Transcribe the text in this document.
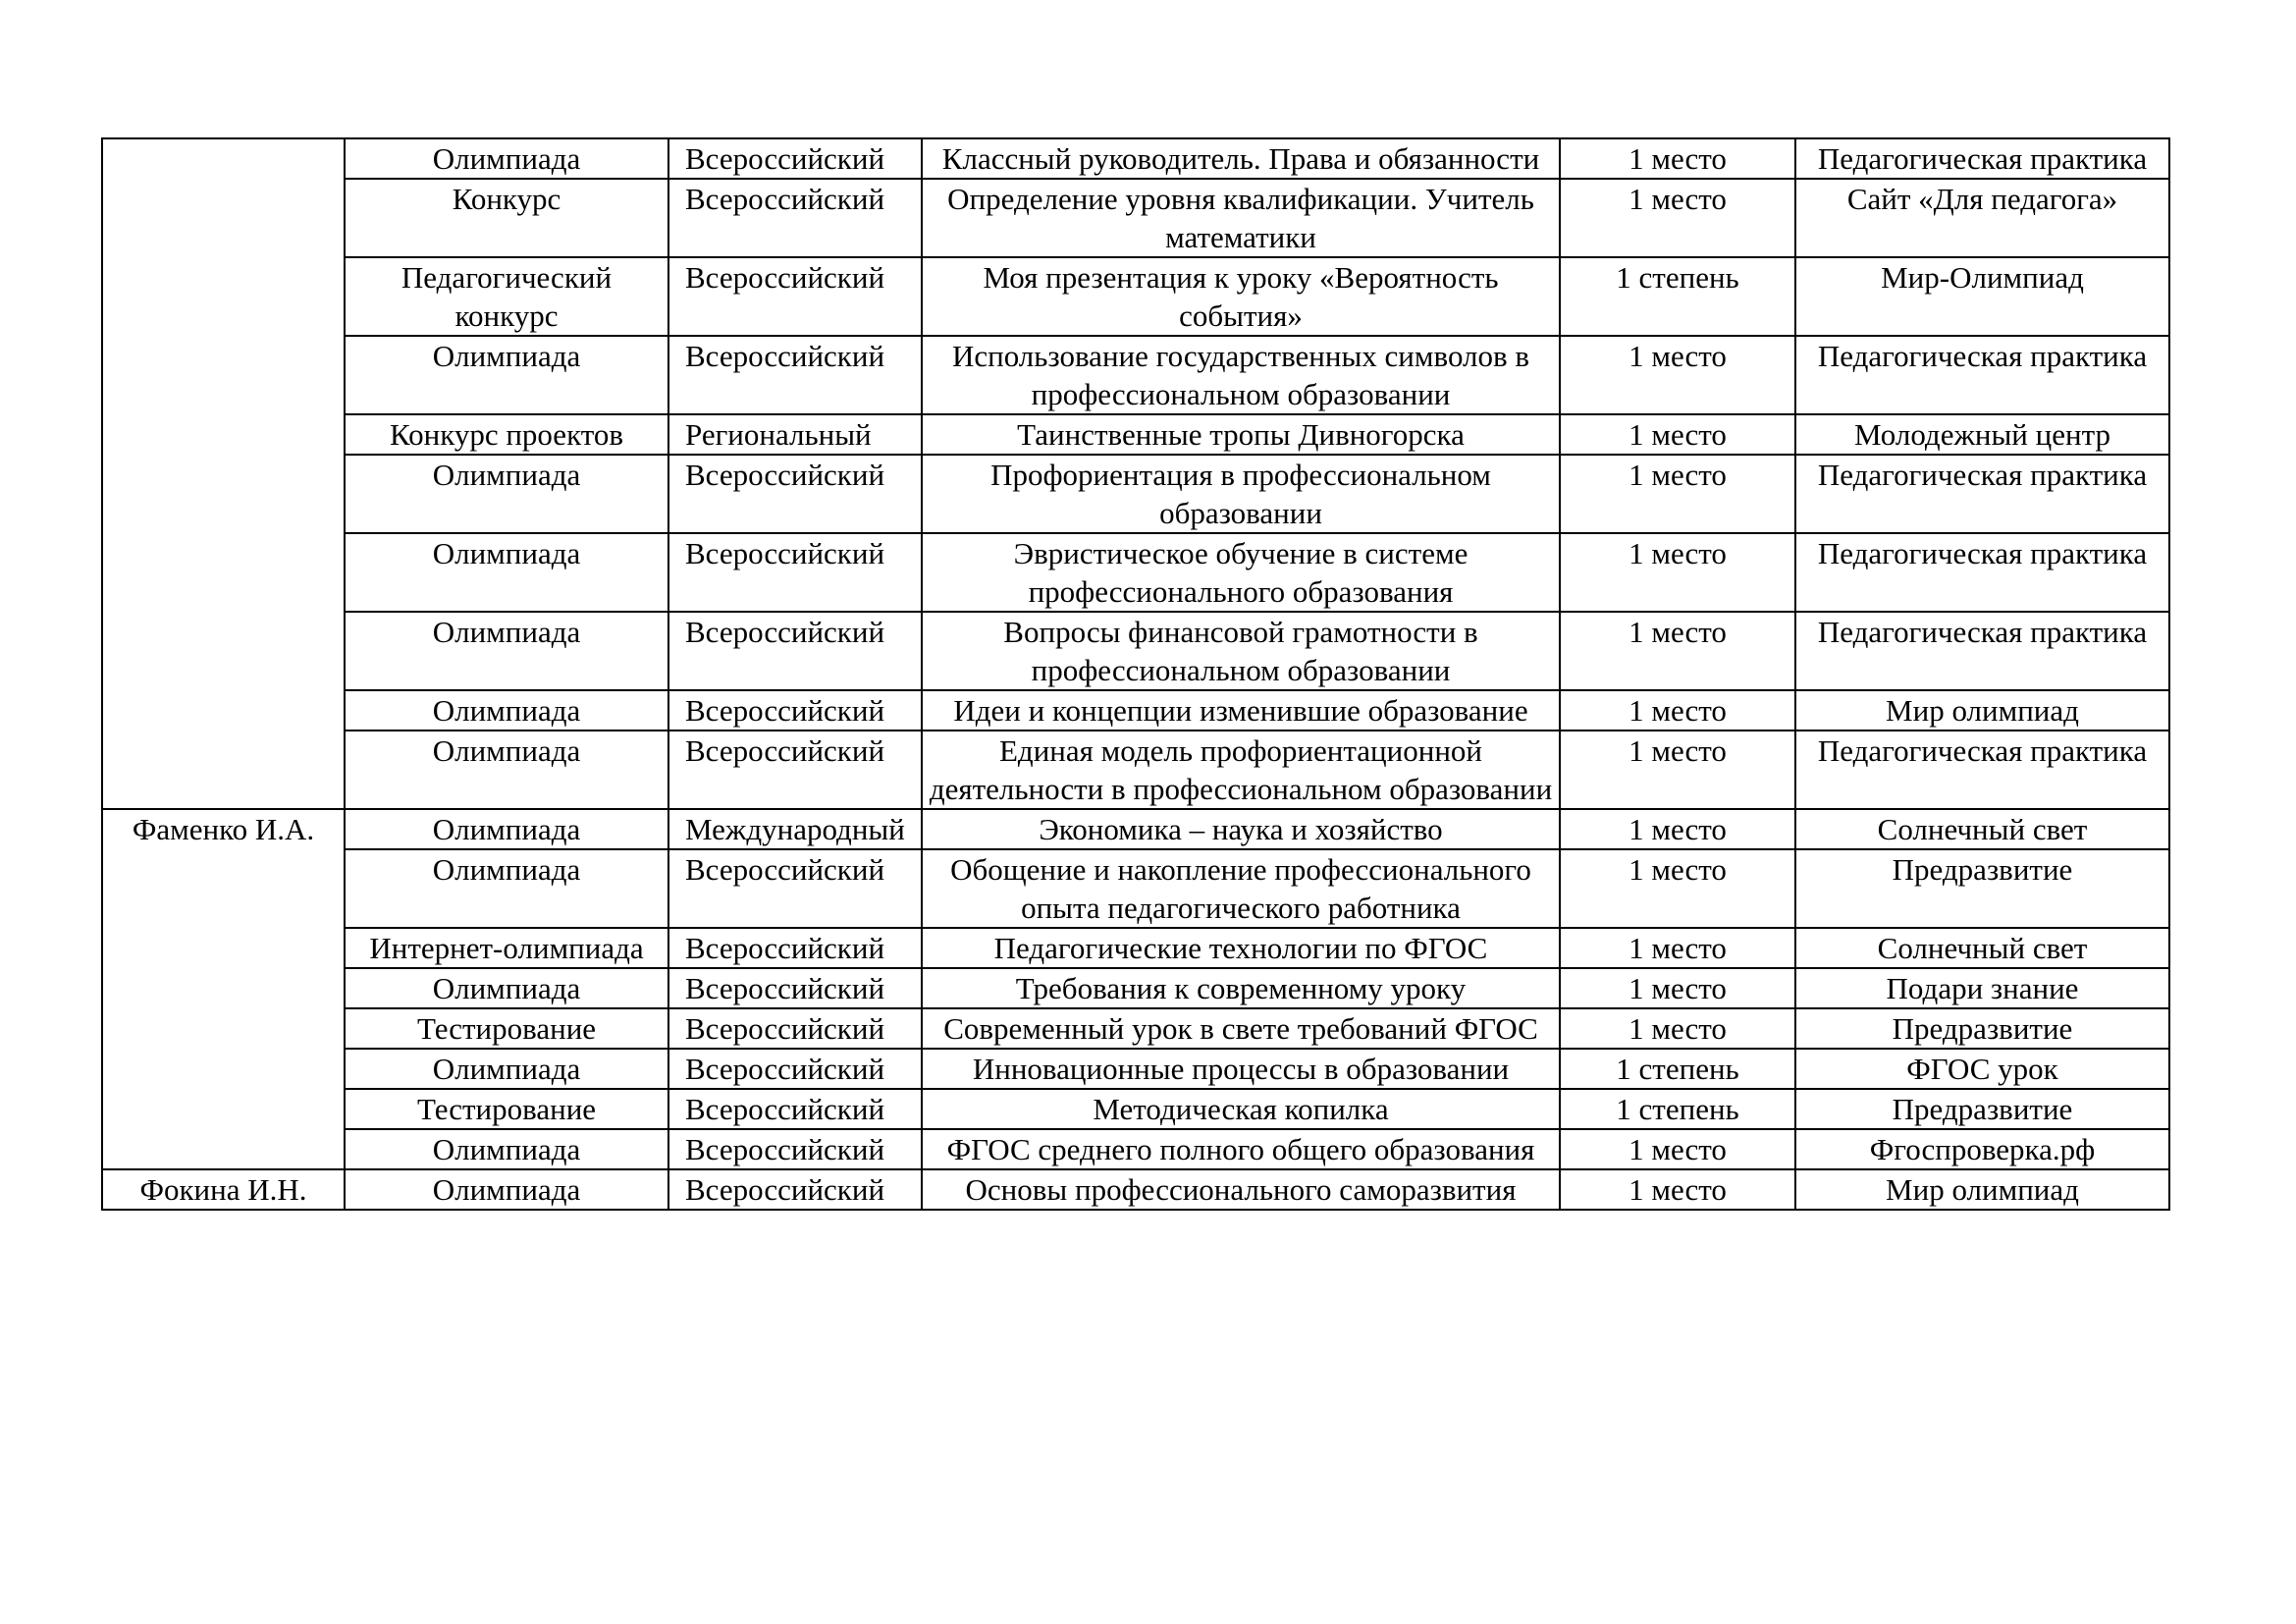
	Олимпиада	Всероссийский	Классный руководитель. Права и обязанности	1 место	Педагогическая практика
	Конкурс	Всероссийский	Определение уровня квалификации. Учитель математики	1 место	Сайт «Для педагога»
	Педагогический конкурс	Всероссийский	Моя презентация к уроку «Вероятность события»	1 степень	Мир-Олимпиад
	Олимпиада	Всероссийский	Использование государственных символов в профессиональном образовании	1 место	Педагогическая практика
	Конкурс проектов	Региональный	Таинственные тропы Дивногорска	1 место	Молодежный центр
	Олимпиада	Всероссийский	Профориентация в профессиональном образовании	1 место	Педагогическая практика
	Олимпиада	Всероссийский	Эвристическое обучение в системе профессионального образования	1 место	Педагогическая практика
	Олимпиада	Всероссийский	Вопросы финансовой грамотности в профессиональном образовании	1 место	Педагогическая практика
	Олимпиада	Всероссийский	Идеи и концепции изменившие образование	1 место	Мир олимпиад
	Олимпиада	Всероссийский	Единая модель профориентационной деятельности в профессиональном образовании	1 место	Педагогическая практика
Фаменко И.А.	Олимпиада	Международный	Экономика – наука и хозяйство	1 место	Солнечный свет
	Олимпиада	Всероссийский	Обощение и накопление профессионального опыта педагогического работника	1 место	Предразвитие
	Интернет-олимпиада	Всероссийский	Педагогические технологии по ФГОС	1 место	Солнечный свет
	Олимпиада	Всероссийский	Требования к современному уроку	1 место	Подари знание
	Тестирование	Всероссийский	Современный урок в свете требований ФГОС	1 место	Предразвитие
	Олимпиада	Всероссийский	Инновационные процессы в образовании	1 степень	ФГОС урок
	Тестирование	Всероссийский	Методическая копилка	1 степень	Предразвитие
	Олимпиада	Всероссийский	ФГОС среднего полного общего образования	1 место	Фгоспроверка.рф
Фокина И.Н.	Олимпиада	Всероссийский	Основы профессионального саморазвития	1 место	Мир олимпиад
